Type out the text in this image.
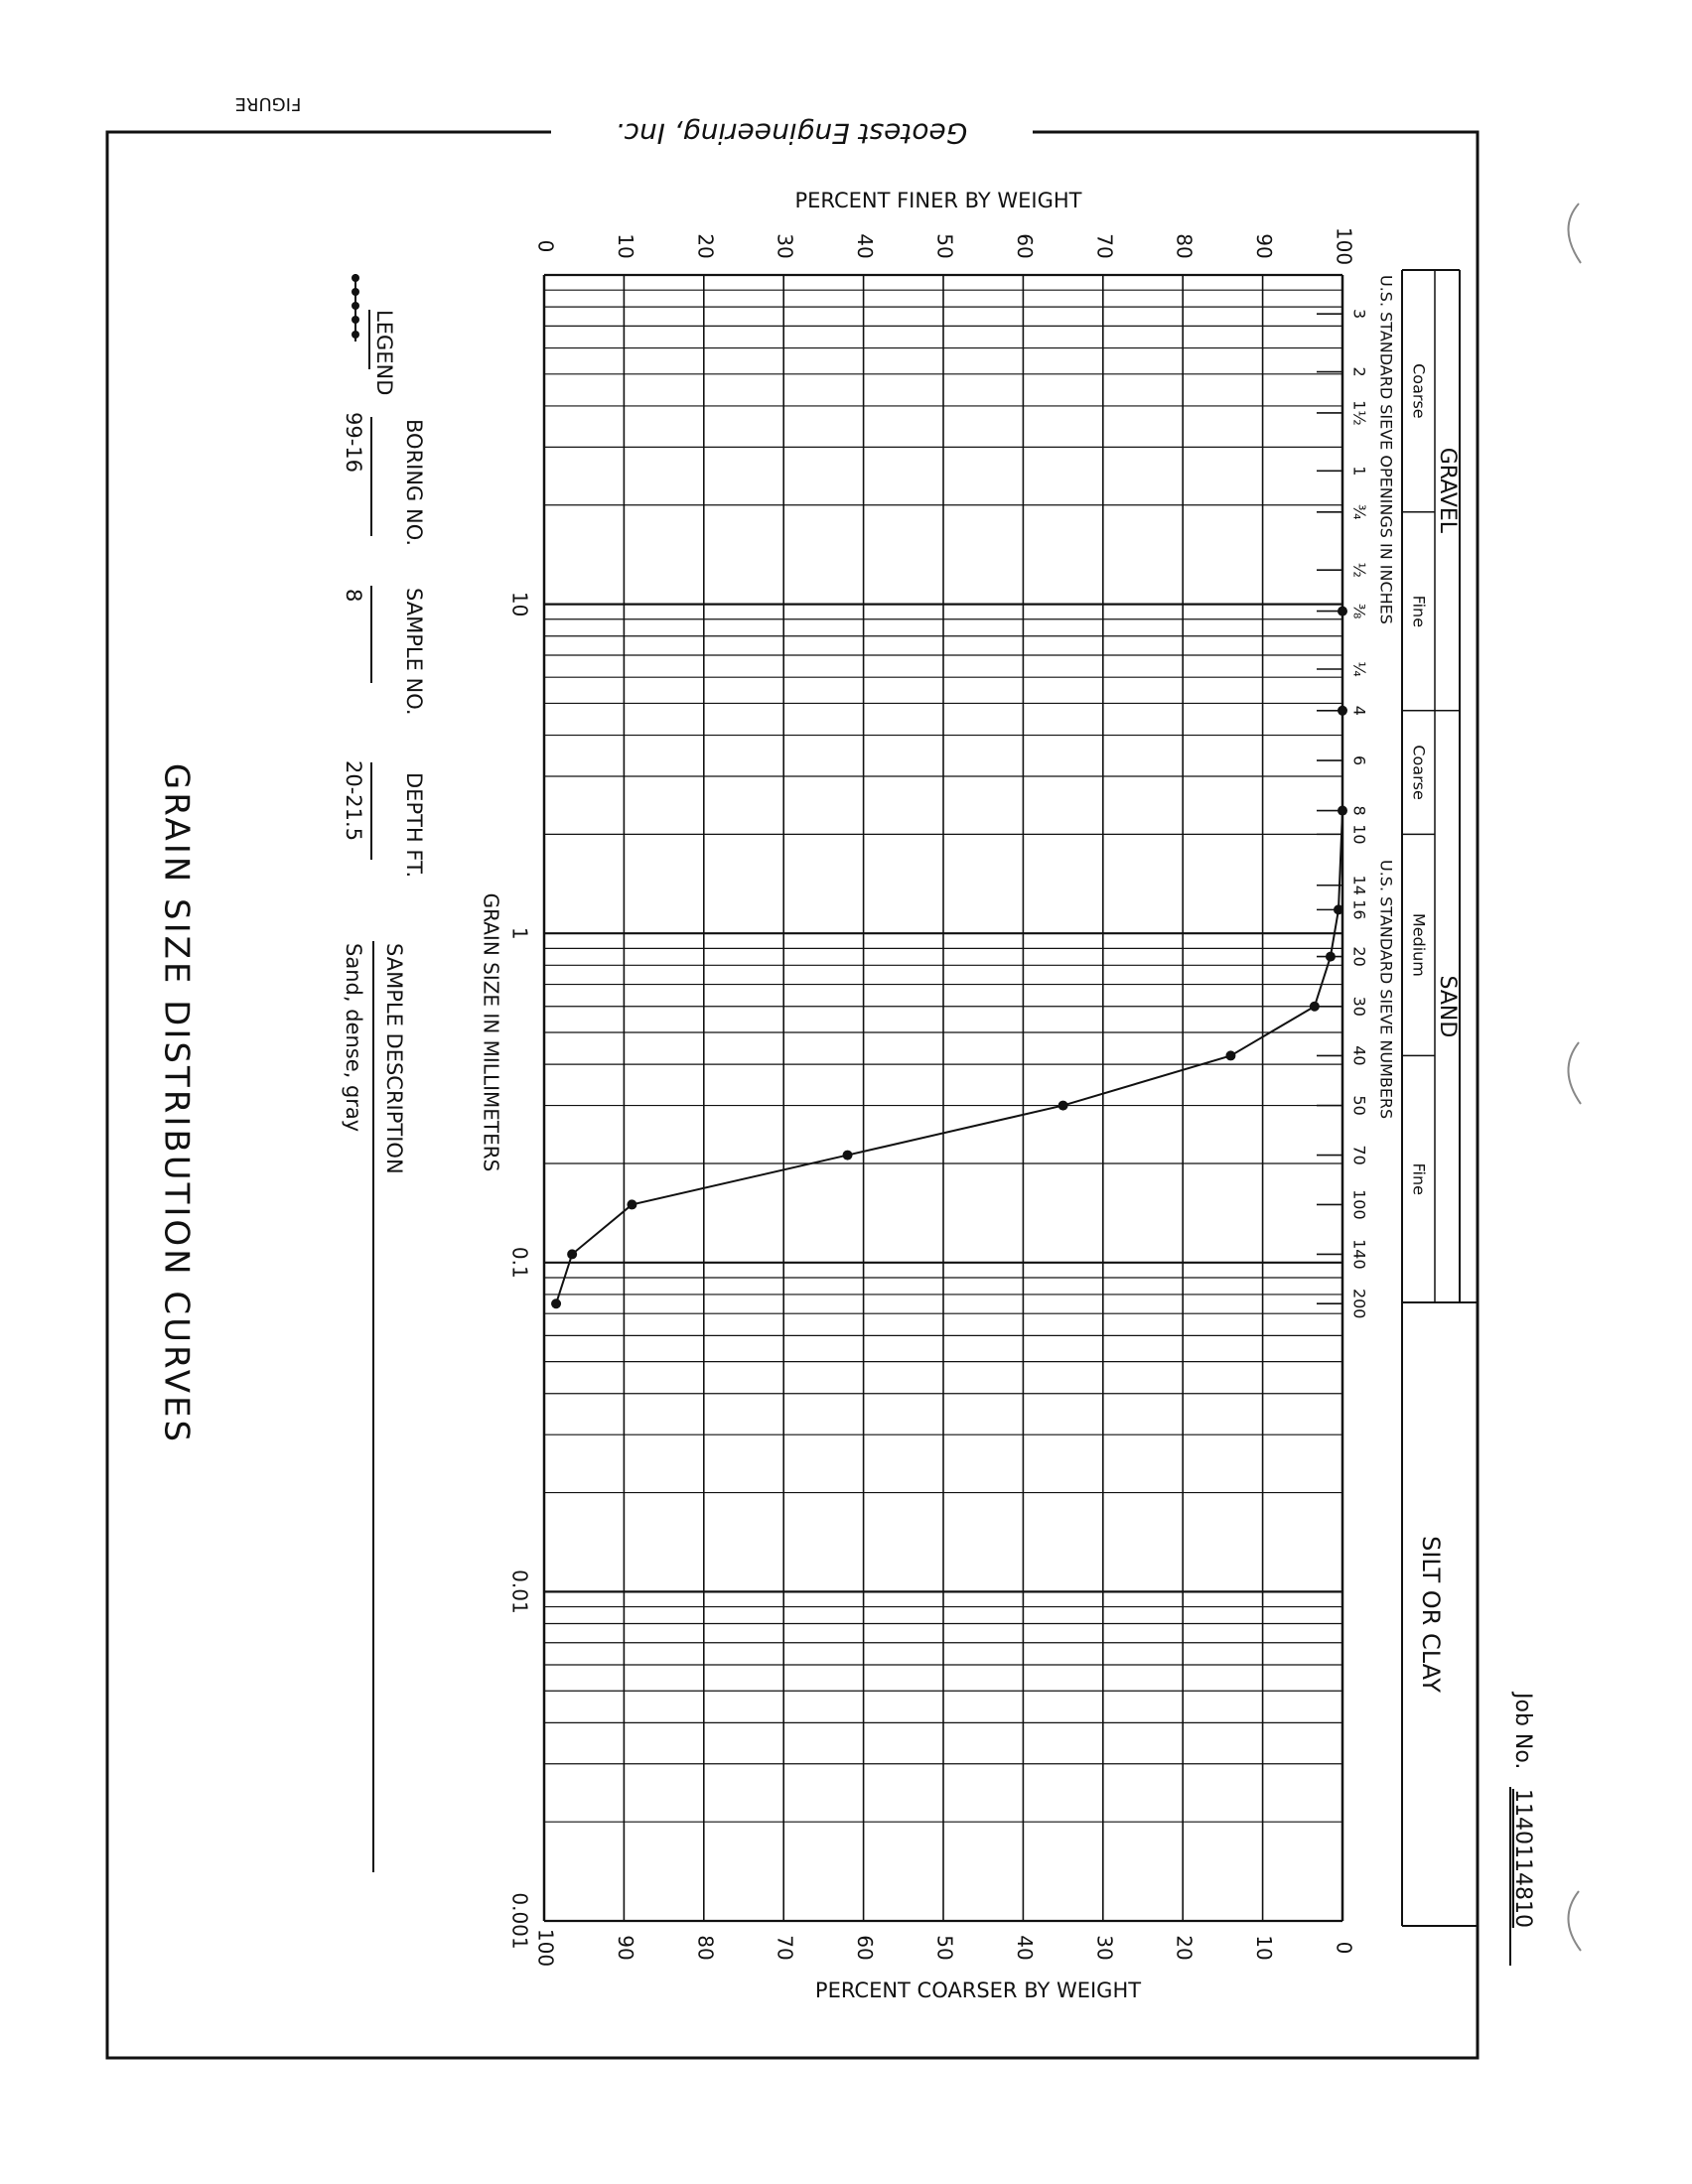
Geotest Engineering, Inc.
FIGURE
Job No.
1140114810
GRAVEL
SAND
SILT OR CLAY
Coarse
Fine
Coarse
Medium
Fine
U.S. STANDARD SIEVE OPENINGS IN INCHES
U.S. STANDARD SIEVE NUMBERS
3
2
1½
1
¾
½
⅜
¼
4
6
8
10
14
16
20
30
40
50
70
100
140
200
0	10	20	30	40	50	60	70	80	90	100
100	90	80	70	60	50	40	30	20	10	0
10
1
0.1
0.01
0.001
PERCENT FINER BY WEIGHT
PERCENT COARSER BY WEIGHT
GRAIN SIZE IN MILLIMETERS
LEGEND
BORING NO.
99-16
SAMPLE NO.
8
DEPTH FT.
20-21.5
SAMPLE DESCRIPTION
Sand, dense, gray
GRAIN SIZE DISTRIBUTION CURVES
